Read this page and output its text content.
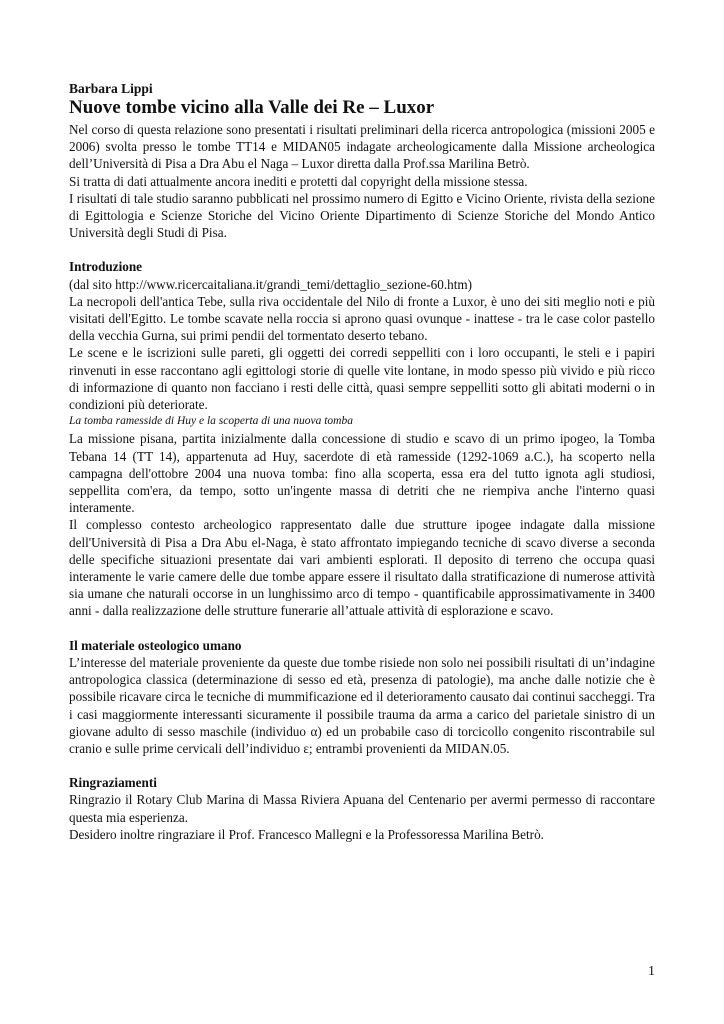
Barbara Lippi

Nuove tombe vicino alla Valle dei Re – Luxor

Nel corso di questa relazione sono presentati i risultati preliminari della ricerca antropologica (missioni 2005 e 2006) svolta presso le tombe TT14 e MIDAN05 indagate archeologicamente dalla Missione archeologica dell’Università di Pisa a Dra Abu el Naga – Luxor diretta dalla Prof.ssa Marilina Betrò.

Si tratta di dati attualmente ancora inediti e protetti dal copyright della missione stessa.

I risultati di tale studio saranno pubblicati nel prossimo numero di Egitto e Vicino Oriente, rivista della sezione di Egittologia e Scienze Storiche del Vicino Oriente Dipartimento di Scienze Storiche del Mondo Antico Università degli Studi di Pisa.

Introduzione

(dal sito http://www.ricercaitaliana.it/grandi_temi/dettaglio_sezione-60.htm)

La necropoli dell'antica Tebe, sulla riva occidentale del Nilo di fronte a Luxor, è uno dei siti meglio noti e più visitati dell'Egitto. Le tombe scavate nella roccia si aprono quasi ovunque - inattese - tra le case color pastello della vecchia Gurna, sui primi pendii del tormentato deserto tebano.

Le scene e le iscrizioni sulle pareti, gli oggetti dei corredi seppelliti con i loro occupanti, le steli e i papiri rinvenuti in esse raccontano agli egittologi storie di quelle vite lontane, in modo spesso più vivido e più ricco di informazione di quanto non facciano i resti delle città, quasi sempre seppelliti sotto gli abitati moderni o in condizioni più deteriorate.

La tomba ramesside di Huy e la scoperta di una nuova tomba

La missione pisana, partita inizialmente dalla concessione di studio e scavo di un primo ipogeo, la Tomba Tebana 14 (TT 14), appartenuta ad Huy, sacerdote di età ramesside (1292-1069 a.C.), ha scoperto nella campagna dell'ottobre 2004 una nuova tomba: fino alla scoperta, essa era del tutto ignota agli studiosi, seppellita com'era, da tempo, sotto un'ingente massa di detriti che ne riempiva anche l'interno quasi interamente.

Il complesso contesto archeologico rappresentato dalle due strutture ipogee indagate dalla missione dell'Università di Pisa a Dra Abu el-Naga, è stato affrontato impiegando tecniche di scavo diverse a seconda delle specifiche situazioni presentate dai vari ambienti esplorati. Il deposito di terreno che occupa quasi interamente le varie camere delle due tombe appare essere il risultato dalla stratificazione di numerose attività sia umane che naturali occorse in un lunghissimo arco di tempo - quantificabile approssimativamente in 3400 anni - dalla realizzazione delle strutture funerarie all’attuale attività di esplorazione e scavo.

Il materiale osteologico umano

L’interesse del materiale proveniente da queste due tombe risiede non solo nei possibili risultati di un’indagine antropologica classica (determinazione di sesso ed età, presenza di patologie), ma anche dalle notizie che è possibile ricavare circa le tecniche di mummificazione ed il deterioramento causato dai continui saccheggi. Tra i casi maggiormente interessanti sicuramente il possibile trauma da arma a carico del parietale sinistro di un giovane adulto di sesso maschile (individuo α) ed un probabile caso di torcicollo congenito riscontrabile sul cranio e sulle prime cervicali dell’individuo ε; entrambi provenienti da MIDAN.05.

Ringraziamenti

Ringrazio il Rotary Club Marina di Massa Riviera Apuana del Centenario per avermi permesso di raccontare questa mia esperienza.

Desidero inoltre ringraziare il Prof. Francesco Mallegni e la Professoressa Marilina Betrò.

1
